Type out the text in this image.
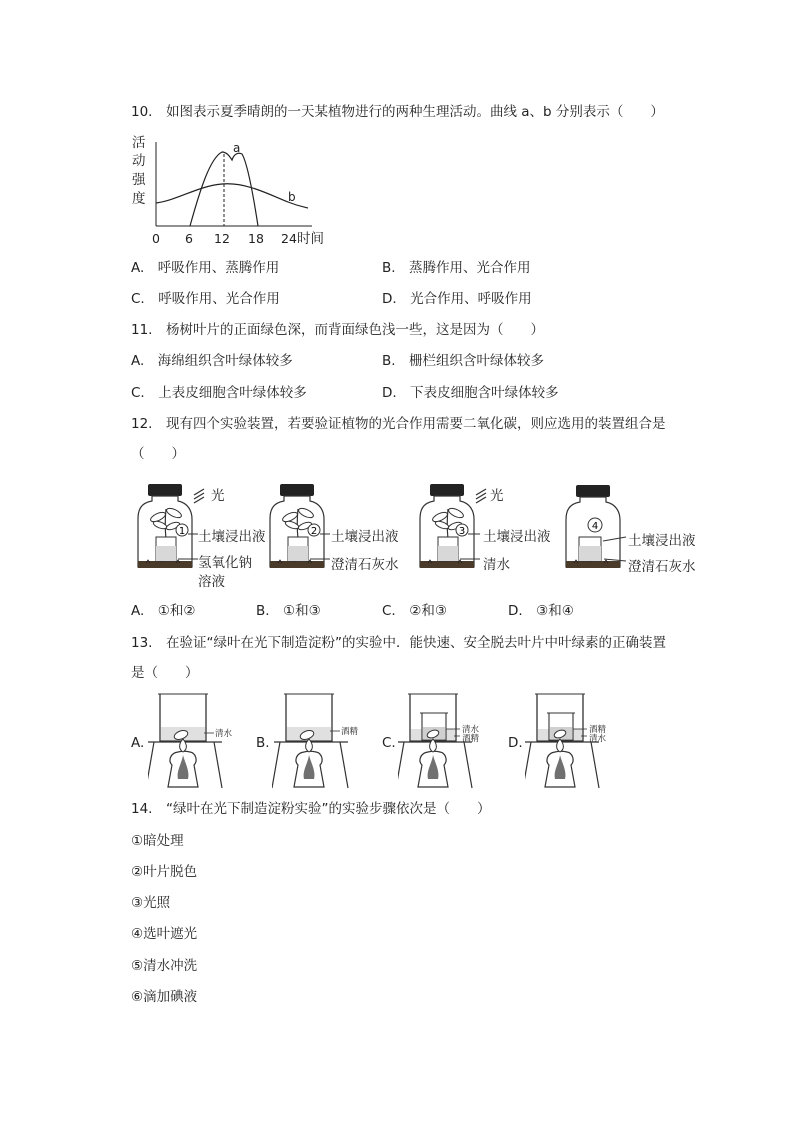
10.　如图表示夏季晴朗的一天某植物进行的两种生理活动。曲线 a、b 分别表示（　　）
活
动
强
度
a
b
0 6 12 18 24 时间
A.　呼吸作用、蒸腾作用	B.　蒸腾作用、光合作用
C.　呼吸作用、光合作用	D.　光合作用、呼吸作用
11.　杨树叶片的正面绿色深，而背面绿色浅一些，这是因为（　　）
A.　海绵组织含叶绿体较多	B.　栅栏组织含叶绿体较多
C.　上表皮细胞含叶绿体较多	D.　下表皮细胞含叶绿体较多
12.　现有四个实验装置，若要验证植物的光合作用需要二氧化碳，则应选用的装置组合是
（　　）
1
光
土壤浸出液
氢氧化钠
溶液
2 土壤浸出液
澄清石灰水
3
光
土壤浸出液
清水
4
土壤浸出液
澄清石灰水
A.　①和②	B.　①和③	C.　②和③	D.　③和④
13.　在验证“绿叶在光下制造淀粉”的实验中．能快速、安全脱去叶片中叶绿素的正确装置
是（　　）
A.
清水
B.
酒精
C.
清水
酒精 D.
酒精
清水
14.　“绿叶在光下制造淀粉实验”的实验步骤依次是（　　）
①暗处理
②叶片脱色
③光照
④选叶遮光
⑤清水冲洗
⑥滴加碘液
